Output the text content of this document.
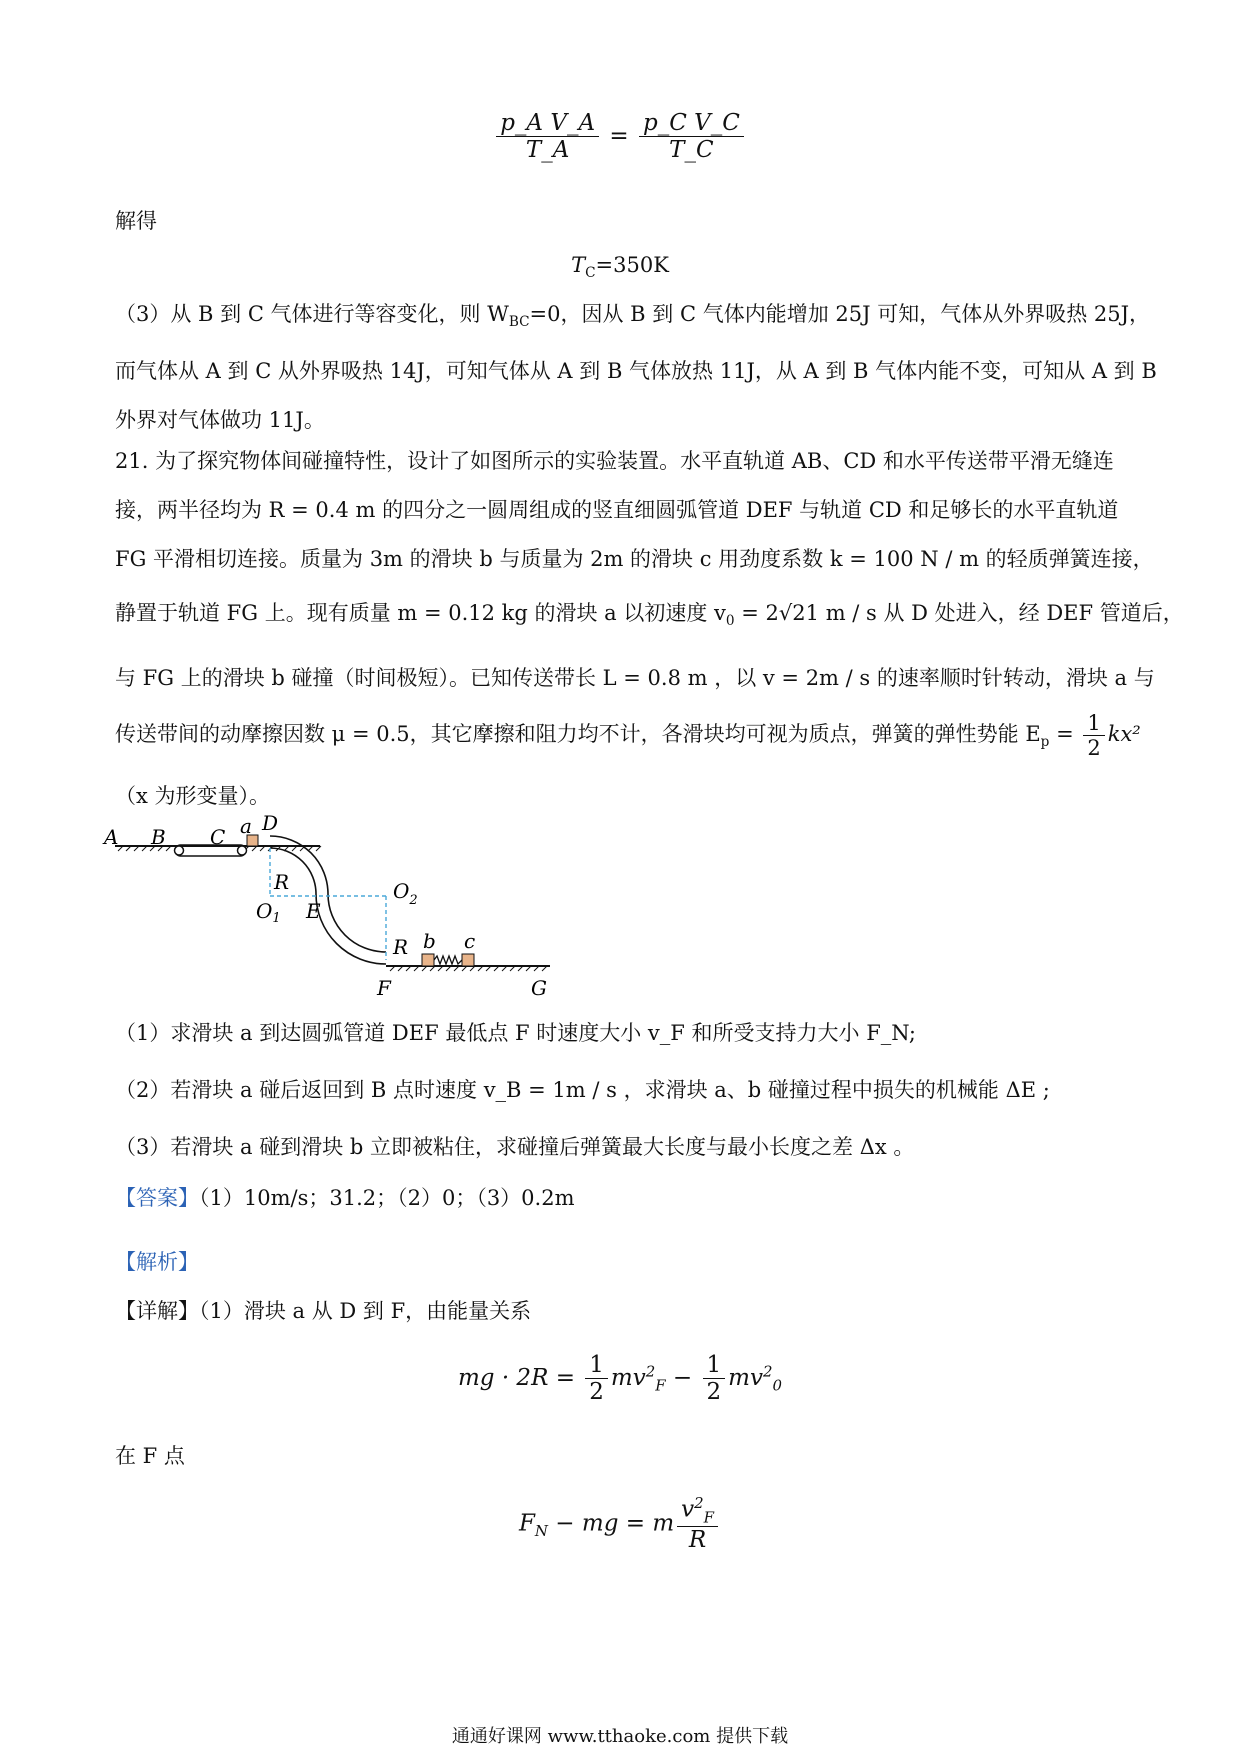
$\frac{\text{p\_A V\_A}}{T\_A} = \frac{\text{p\_C V\_C}}{T\_C}$
解得
$T_C=350K$
（3）从 B 到 C 气体进行等容变化，则 $W_{BC}=0$，因从 B 到 C 气体内能增加 25J 可知，气体从外界吸热 25J，
而气体从 A 到 C 从外界吸热 14J，可知气体从 A 到 B 气体放热 11J，从 A 到 B 气体内能不变，可知从 A 到 B
外界对气体做功 11J。
21. 为了探究物体间碰撞特性，设计了如图所示的实验装置。水平直轨道 AB、CD 和水平传送带平滑无缝连
接，两半径均为 R = 0.4 m 的四分之一圆周组成的竖直细圆弧管道 DEF 与轨道 CD 和足够长的水平直轨道
FG 平滑相切连接。质量为 3m 的滑块 b 与质量为 2m 的滑块 c 用劲度系数 k = 100 N / m 的轻质弹簧连接，
静置于轨道 FG 上。现有质量 m = 0.12 kg 的滑块 a 以初速度 $v_0 = 2√21$ m / s 从 D 处进入，经 DEF 管道后，
与 FG 上的滑块 b 碰撞（时间极短）。已知传送带长 L = 0.8 m ，以 v = 2m / s 的速率顺时针转动，滑块 a 与
传送带间的动摩擦因数 μ = 0.5，其它摩擦和阻力均不计，各滑块均可视为质点，弹簧的弹性势能 $E_p = \frac{1}{2} kx^2$
（x 为形变量）。
A B C a D
R
$O_1$ E
$O_2$
R b c
F	G
（1）求滑块 a 到达圆弧管道 DEF 最低点 F 时速度大小 v_F 和所受支持力大小 F_N;
（2）若滑块 a 碰后返回到 B 点时速度 v_B = 1m / s ，求滑块 a、b 碰撞过程中损失的机械能 ΔE ;
（3）若滑块 a 碰到滑块 b 立即被粘住，求碰撞后弹簧最大长度与最小长度之差 Δx 。
【答案】（1）10m/s；31.2；（2）0；（3）0.2m
【解析】
【详解】（1）滑块 a 从 D 到 F，由能量关系
mg · $2R = \frac{1}{2} mv^2_F - \frac{1}{2} mv^2_0$
在 F 点
$F_N$ − mg = m $\frac{v^2_F}{R}$
通通好课网 www.tthaoke.com 提供下载
